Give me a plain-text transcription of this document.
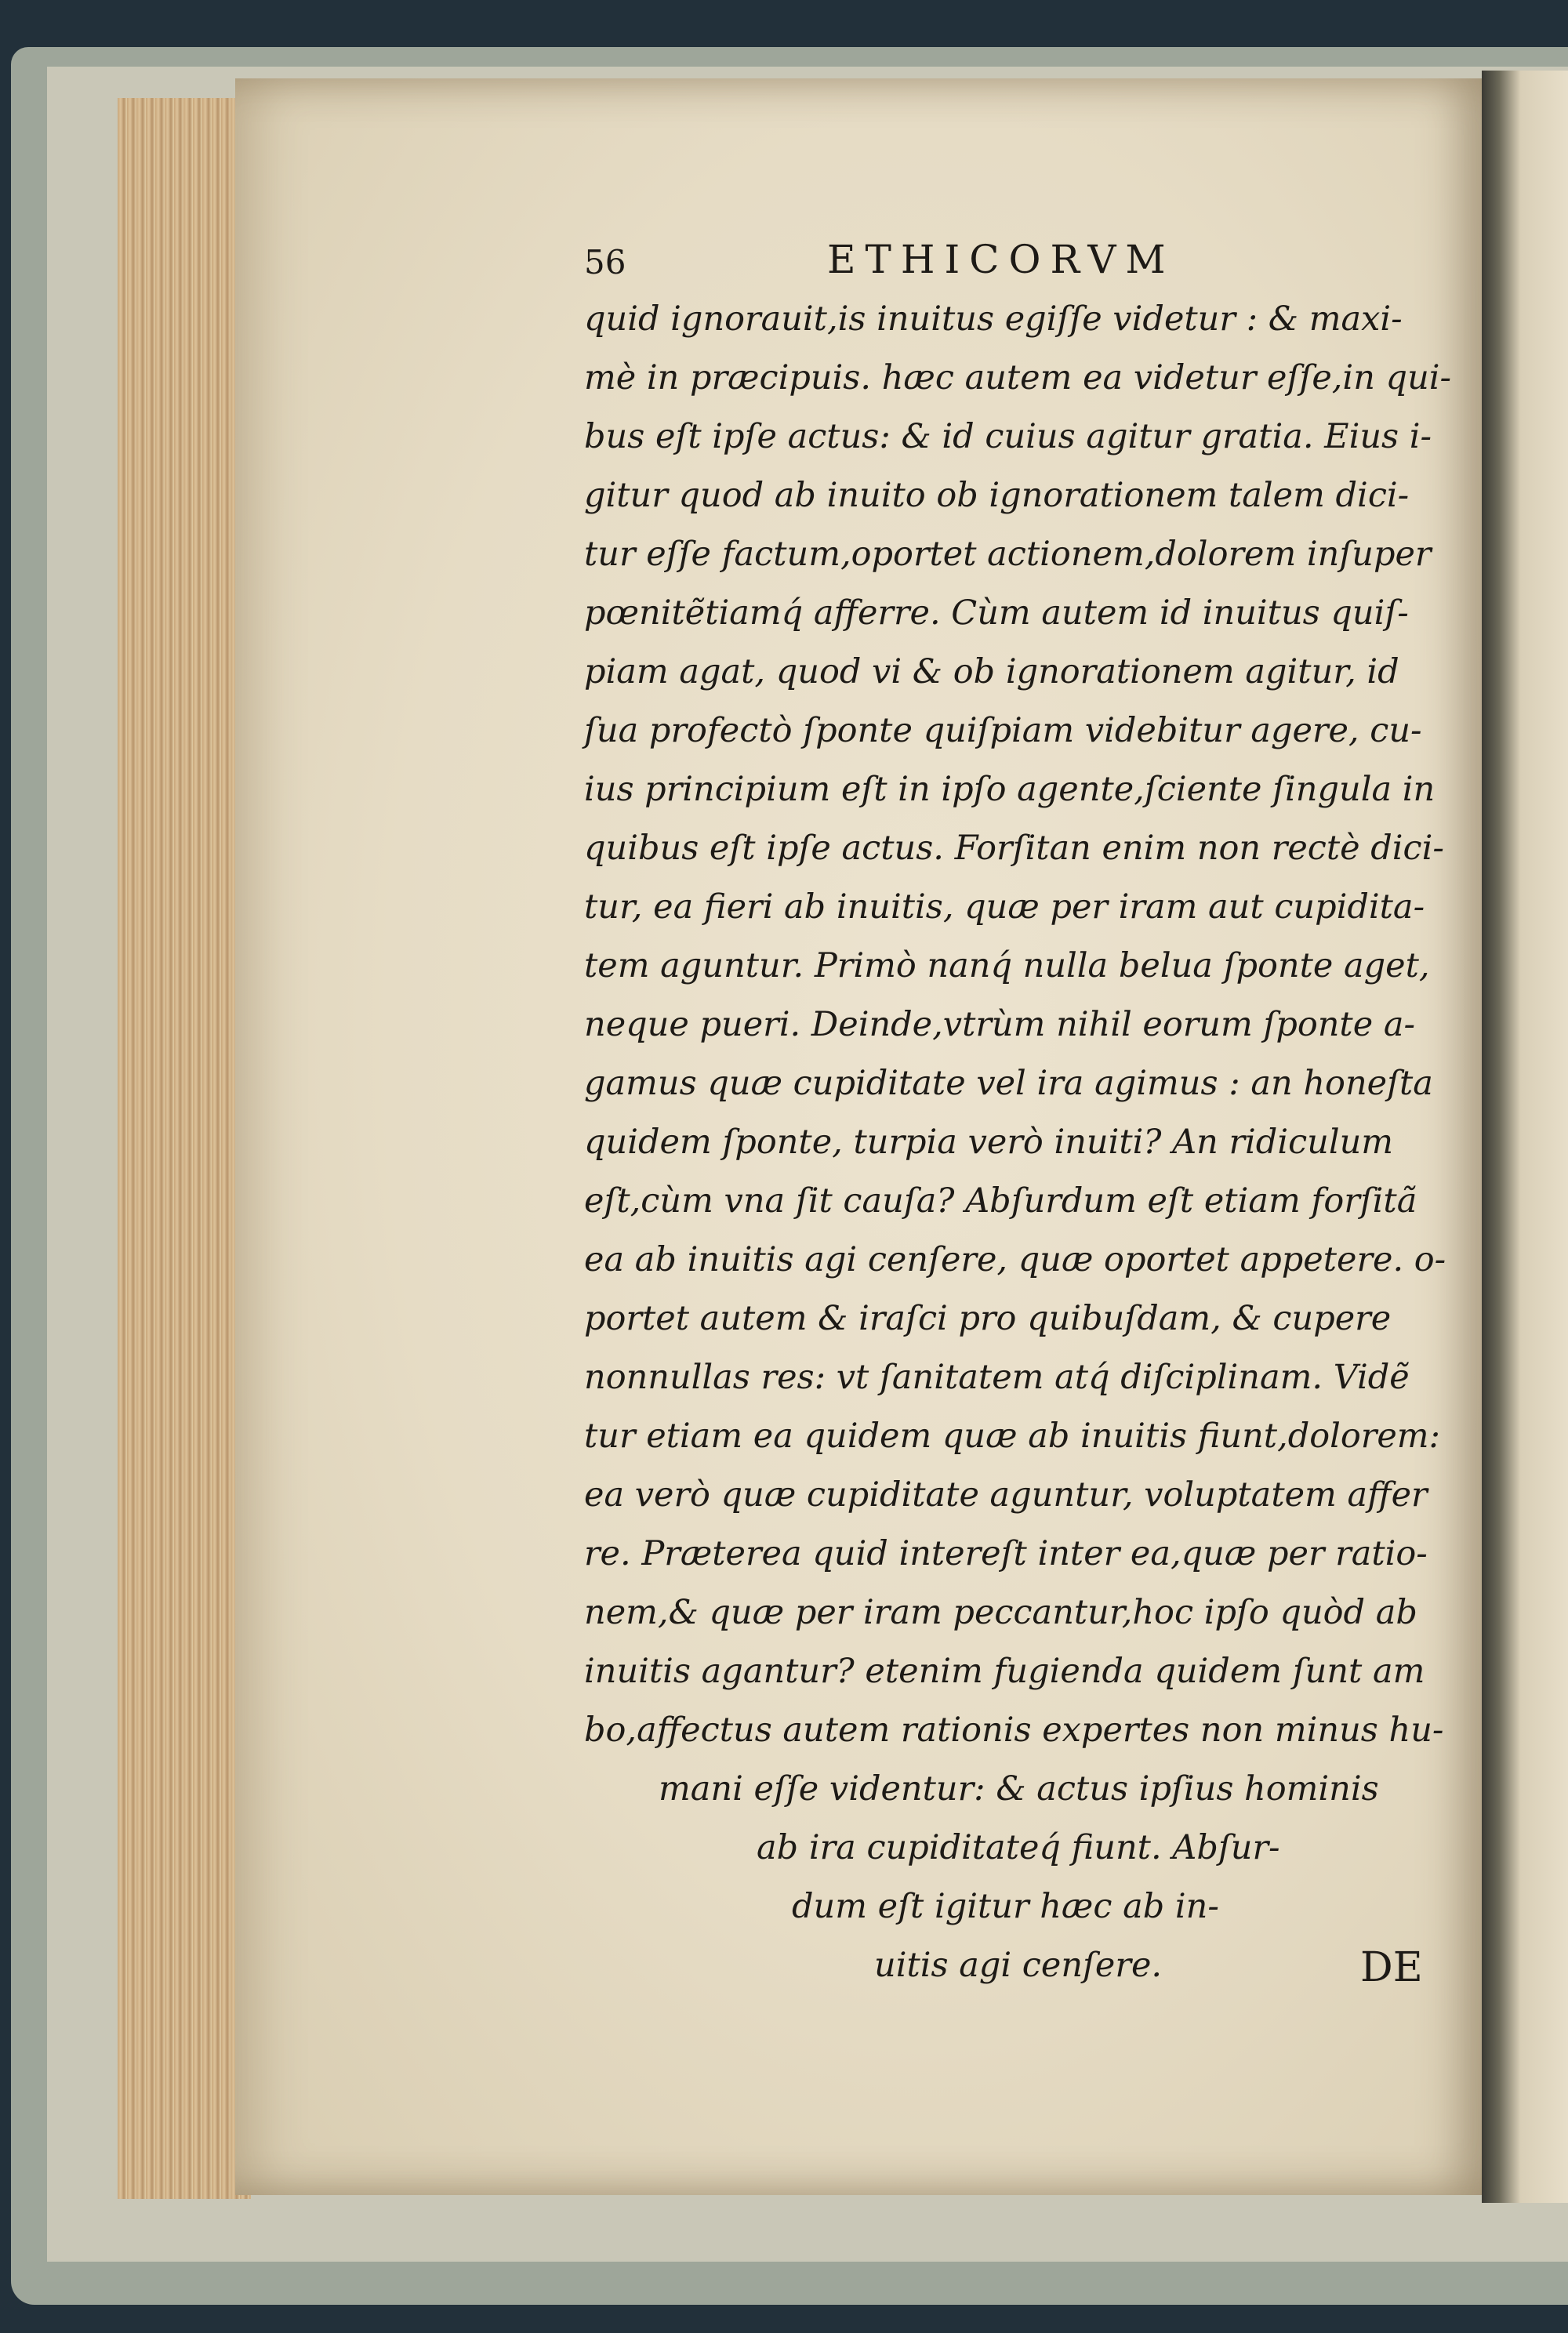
56	ETHICORVM
quid ignorauit,is inuitus egiſſe videtur : & maxi-
mè in præcipuis. hæc autem ea videtur eſſe,in qui-
bus eſt ipſe actus: & id cuius agitur gratia. Eius i-
gitur quod ab inuito ob ignorationem talem dici-
tur eſſe factum,oportet actionem,dolorem inſuper
pœnitẽtiamq́ afferre. Cùm autem id inuitus quiſ-
piam agat, quod vi & ob ignorationem agitur, id
ſua profectò ſponte quiſpiam videbitur agere, cu-
ius principium eſt in ipſo agente,ſciente ſingula in
quibus eſt ipſe actus. Forſitan enim non rectè dici-
tur, ea fieri ab inuitis, quæ per iram aut cupidita-
tem aguntur. Primò nanq́ nulla belua ſponte aget,
neque pueri. Deinde,vtrùm nihil eorum ſponte a-
gamus quæ cupiditate vel ira agimus : an honeſta
quidem ſponte, turpia verò inuiti? An ridiculum
eſt,cùm vna ſit cauſa? Abſurdum eſt etiam forſitã
ea ab inuitis agi cenſere, quæ oportet appetere. o-
portet autem & iraſci pro quibuſdam, & cupere
nonnullas res: vt ſanitatem atq́ diſciplinam. Vidẽ
tur etiam ea quidem quæ ab inuitis fiunt,dolorem:
ea verò quæ cupiditate aguntur, voluptatem affer
re. Præterea quid intereſt inter ea,quæ per ratio-
nem,& quæ per iram peccantur,hoc ipſo quòd ab
inuitis agantur? etenim fugienda quidem ſunt am
bo,affectus autem rationis expertes non minus hu-
mani eſſe videntur: & actus ipſius hominis
ab ira cupiditateq́ fiunt. Abſur-
dum eſt igitur hæc ab in-
uitis agi cenſere.	DE
